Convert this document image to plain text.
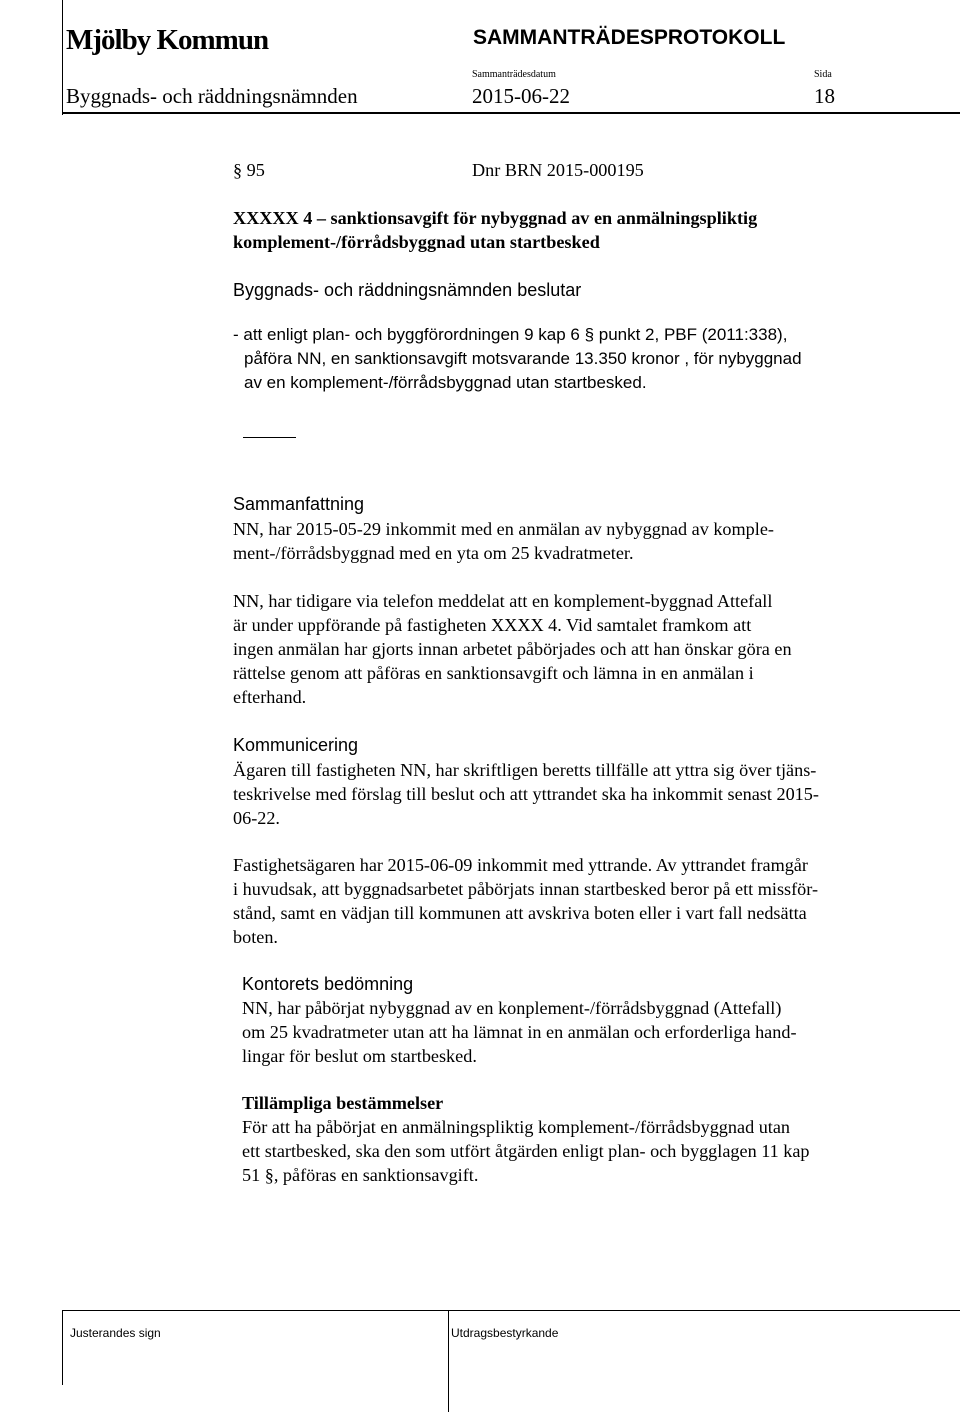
Mjölby Kommun	SAMMANTRÄDESPROTOKOLL
Sammanträdesdatum	Sida
Byggnads- och räddningsnämnden	2015-06-22	18
§ 95	Dnr BRN 2015-000195
XXXXX 4 – sanktionsavgift för nybyggnad av en anmälningspliktig
komplement-/förrådsbyggnad utan startbesked
Byggnads- och räddningsnämnden beslutar
- att enligt plan- och byggförordningen 9 kap 6 § punkt 2, PBF (2011:338),
påföra NN, en sanktionsavgift motsvarande 13.350 kronor , för nybyggnad
av en komplement-/förrådsbyggnad utan startbesked.
Sammanfattning
NN, har 2015-05-29 inkommit med en anmälan av nybyggnad av komple-
ment-/förrådsbyggnad med en yta om 25 kvadratmeter.
NN, har tidigare via telefon meddelat att en komplement-byggnad Attefall
är under uppförande på fastigheten XXXX 4. Vid samtalet framkom att
ingen anmälan har gjorts innan arbetet påbörjades och att han önskar göra en
rättelse genom att påföras en sanktionsavgift och lämna in en anmälan i
efterhand.
Kommunicering
Ägaren till fastigheten NN, har skriftligen beretts tillfälle att yttra sig över tjäns-
teskrivelse med förslag till beslut och att yttrandet ska ha inkommit senast 2015-
06-22.
Fastighetsägaren har 2015-06-09 inkommit med yttrande. Av yttrandet framgår
i huvudsak, att byggnadsarbetet påbörjats innan startbesked beror på ett missför-
stånd, samt en vädjan till kommunen att avskriva boten eller i vart fall nedsätta
boten.
Kontorets bedömning
NN, har påbörjat nybyggnad av en konplement-/förrådsbyggnad (Attefall)
om 25 kvadratmeter utan att ha lämnat in en anmälan och erforderliga hand-
lingar för beslut om startbesked.
Tillämpliga bestämmelser
För att ha påbörjat en anmälningspliktig komplement-/förrådsbyggnad utan
ett startbesked, ska den som utfört åtgärden enligt plan- och bygglagen 11 kap
51 §, påföras en sanktionsavgift.
Justerandes sign	Utdragsbestyrkande
